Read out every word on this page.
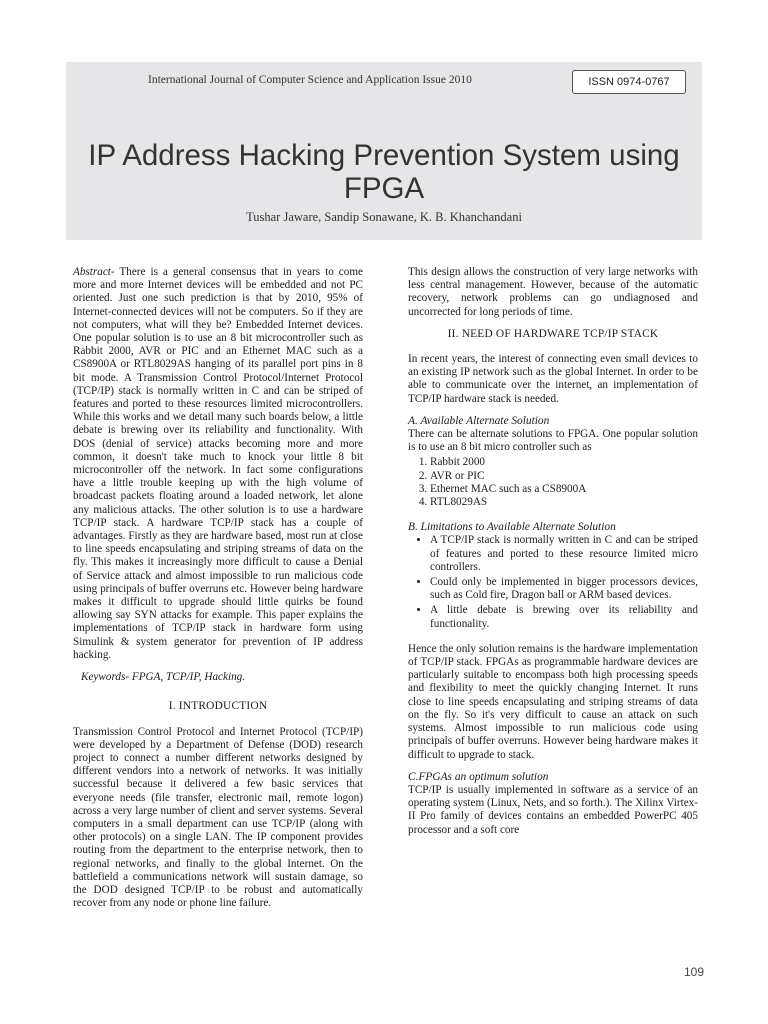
International Journal of Computer Science and Application Issue 2010	ISSN 0974-0767
IP Address Hacking Prevention System using FPGA
Tushar Jaware, Sandip Sonawane, K. B. Khanchandani

Abstract- There is a general consensus that in years to come more and more Internet devices will be embedded and not PC oriented. Just one such prediction is that by 2010, 95% of Internet-connected devices will not be computers. So if they are not computers, what will they be? Embedded Internet devices. One popular solution is to use an 8 bit microcontroller such as Rabbit 2000, AVR or PIC and an Ethernet MAC such as a CS8900A or RTL8029AS hanging of its parallel port pins in 8 bit mode. A Transmission Control Protocol/Internet Protocol (TCP/IP) stack is normally written in C and can be striped of features and ported to these resources limited microcontrollers. While this works and we detail many such boards below, a little debate is brewing over its reliability and functionality. With DOS (denial of service) attacks becoming more and more common, it doesn't take much to knock your little 8 bit microcontroller off the network. In fact some configurations have a little trouble keeping up with the high volume of broadcast packets floating around a loaded network, let alone any malicious attacks. The other solution is to use a hardware TCP/IP stack. A hardware TCP/IP stack has a couple of advantages. Firstly as they are hardware based, most run at close to line speeds encapsulating and striping streams of data on the fly. This makes it increasingly more difficult to cause a Denial of Service attack and almost impossible to run malicious code using principals of buffer overruns etc. However being hardware makes it difficult to upgrade should little quirks be found allowing say SYN attacks for example. This paper explains the implementations of TCP/IP stack in hardware form using Simulink & system generator for prevention of IP address hacking.

Keywords- FPGA, TCP/IP, Hacking.

I. INTRODUCTION

Transmission Control Protocol and Internet Protocol (TCP/IP) were developed by a Department of Defense (DOD) research project to connect a number different networks designed by different vendors into a network of networks. It was initially successful because it delivered a few basic services that everyone needs (file transfer, electronic mail, remote logon) across a very large number of client and server systems. Several computers in a small department can use TCP/IP (along with other protocols) on a single LAN. The IP component provides routing from the department to the enterprise network, then to regional networks, and finally to the global Internet. On the battlefield a communications network will sustain damage, so the DOD designed TCP/IP to be robust and automatically recover from any node or phone line failure.

This design allows the construction of very large networks with less central management. However, because of the automatic recovery, network problems can go undiagnosed and uncorrected for long periods of time.

II. NEED OF HARDWARE TCP/IP STACK

In recent years, the interest of connecting even small devices to an existing IP network such as the global Internet. In order to be able to communicate over the internet, an implementation of TCP/IP hardware stack is needed.

A. Available Alternate Solution

There can be alternate solutions to FPGA. One popular solution is to use an 8 bit micro controller such as

1. Rabbit 2000
2. AVR or PIC
3. Ethernet MAC such as a CS8900A
4. RTL8029AS
B. Limitations to Available Alternate Solution
• A TCP/IP stack is normally written in C and can be striped of features and ported to these resource limited micro controllers.
• Could only be implemented in bigger processors devices, such as Cold fire, Dragon ball or ARM based devices.
• A little debate is brewing over its reliability and functionality.

Hence the only solution remains is the hardware implementation of TCP/IP stack. FPGAs as programmable hardware devices are particularly suitable to encompass both high processing speeds and flexibility to meet the quickly changing Internet. It runs close to line speeds encapsulating and striping streams of data on the fly. So it's very difficult to cause an attack on such systems. Almost impossible to run malicious code using principals of buffer overruns. However being hardware makes it difficult to upgrade to stack.

C.FPGAs an optimum solution

TCP/IP is usually implemented in software as a service of an operating system (Linux, Nets, and so forth.). The Xilinx Virtex-II Pro family of devices contains an embedded PowerPC 405 processor and a soft core

109
